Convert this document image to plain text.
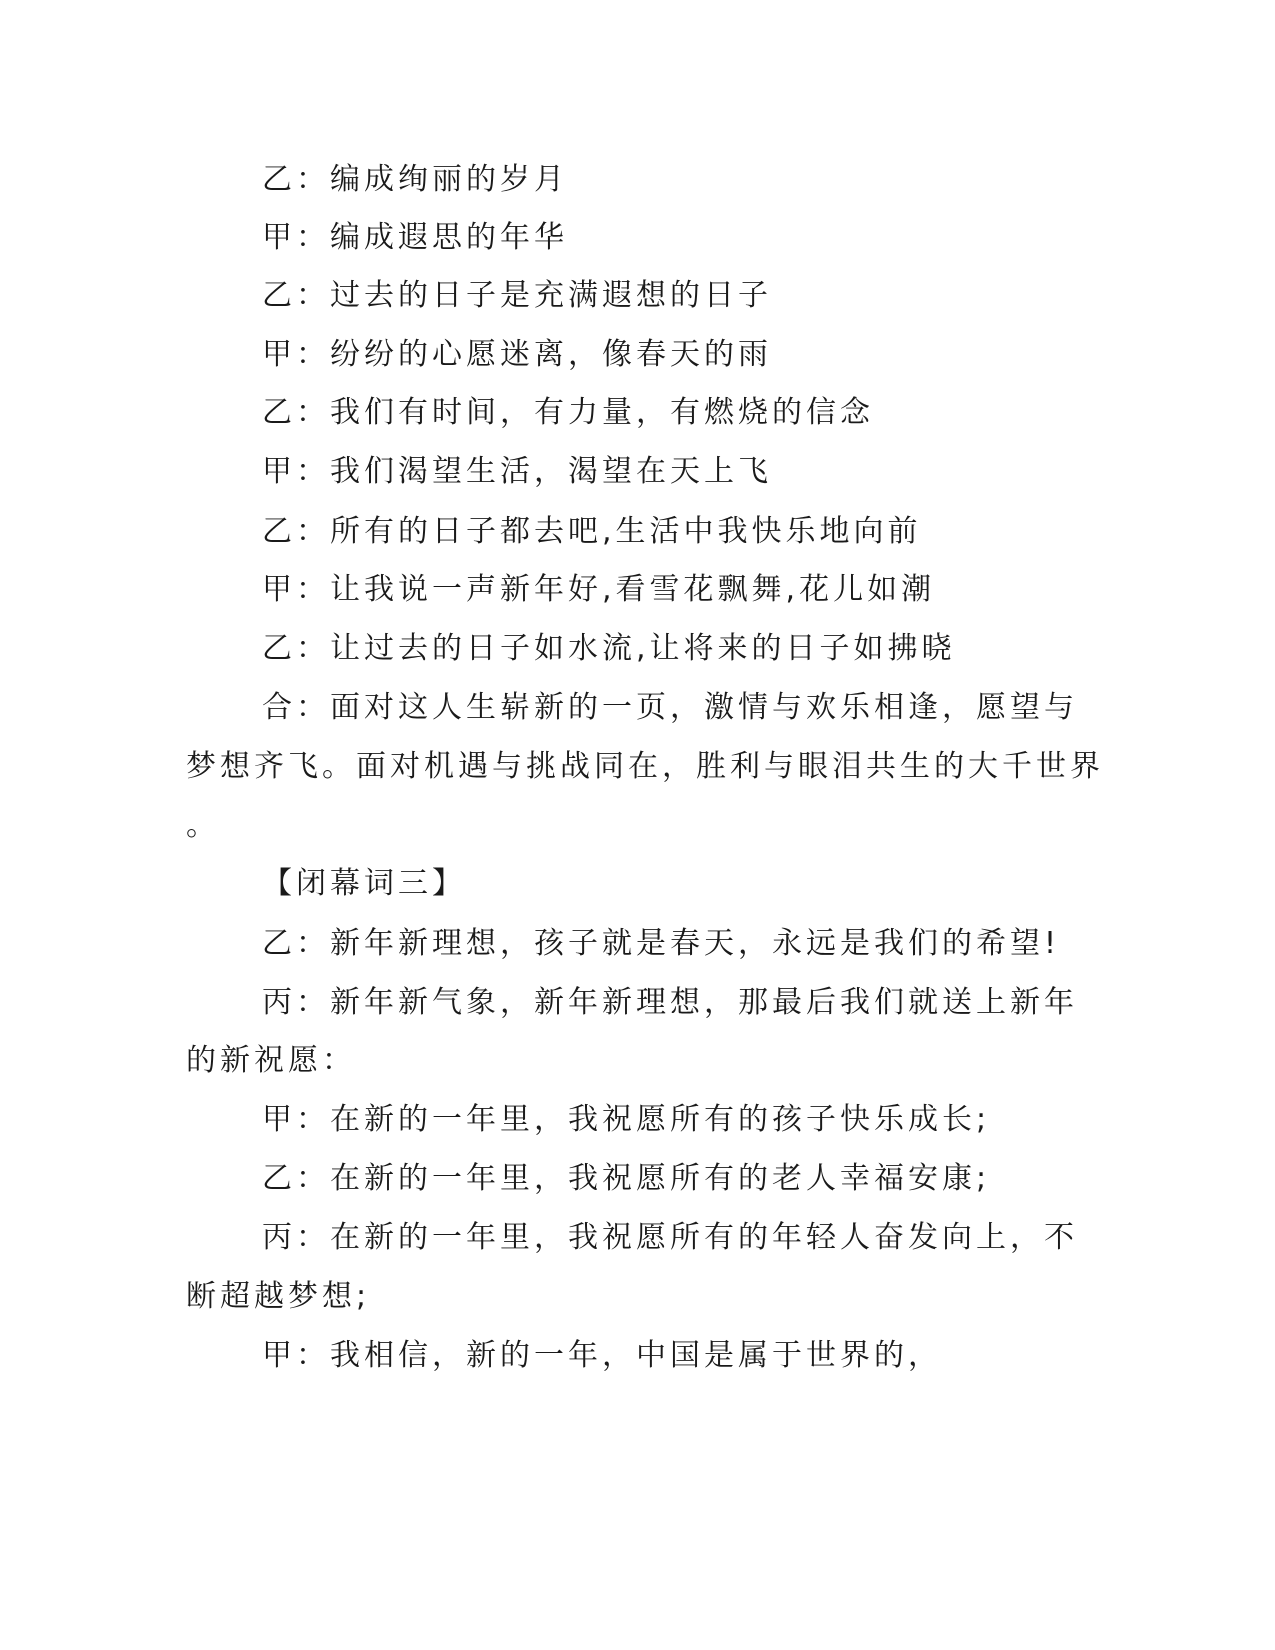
乙：编成绚丽的岁月
甲：编成遐思的年华
乙：过去的日子是充满遐想的日子
甲：纷纷的心愿迷离，像春天的雨
乙：我们有时间，有力量，有燃烧的信念
甲：我们渴望生活，渴望在天上飞
乙：所有的日子都去吧,生活中我快乐地向前
甲：让我说一声新年好,看雪花飘舞,花儿如潮
乙：让过去的日子如水流,让将来的日子如拂晓
合：面对这人生崭新的一页，激情与欢乐相逢，愿望与
梦想齐飞。面对机遇与挑战同在，胜利与眼泪共生的大千世界
。
【闭幕词三】
乙：新年新理想，孩子就是春天，永远是我们的希望!
丙：新年新气象，新年新理想，那最后我们就送上新年
的新祝愿：
甲：在新的一年里，我祝愿所有的孩子快乐成长;
乙：在新的一年里，我祝愿所有的老人幸福安康;
丙：在新的一年里，我祝愿所有的年轻人奋发向上，不
断超越梦想;
甲：我相信，新的一年，中国是属于世界的，
